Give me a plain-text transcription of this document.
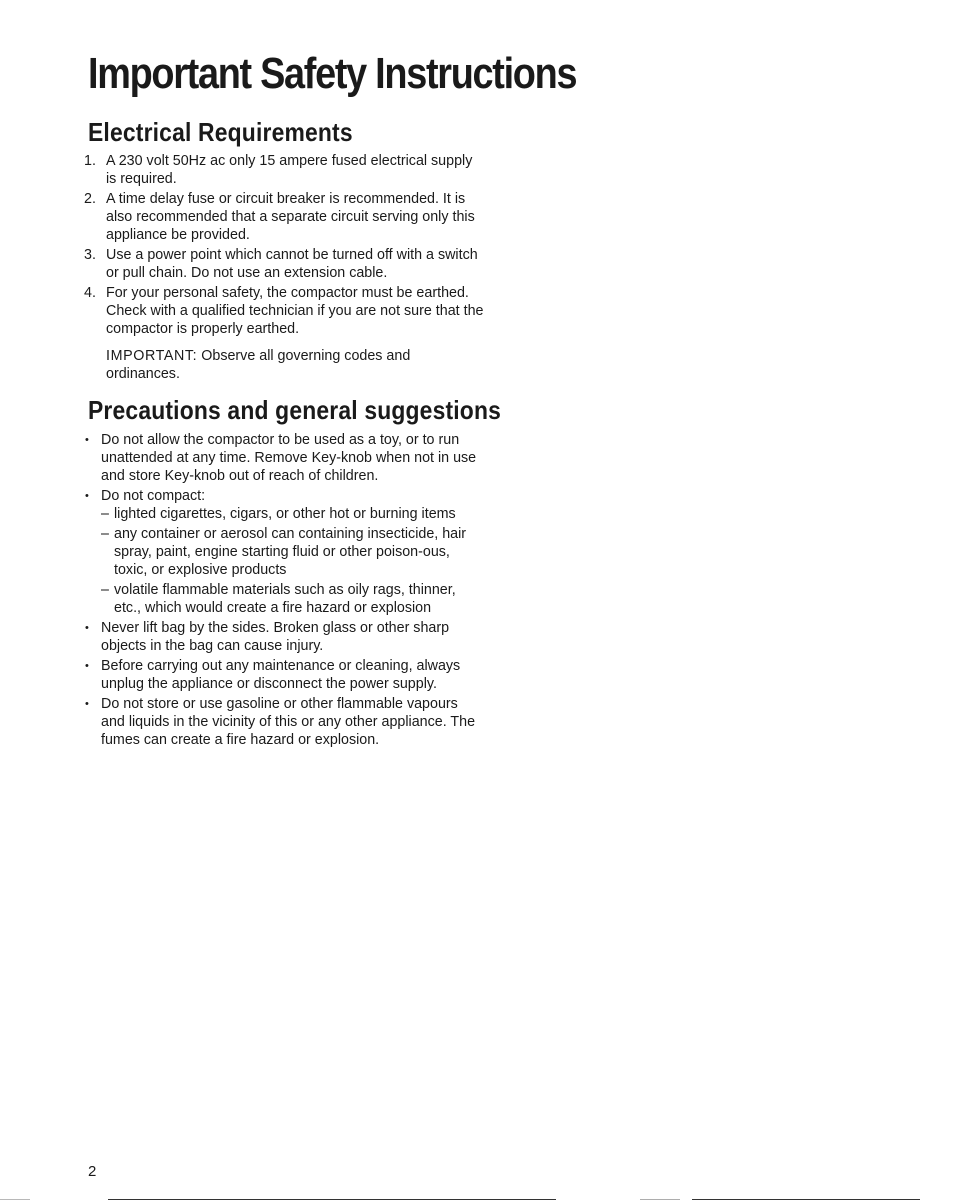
Important Safety Instructions
Electrical Requirements
1. A 230 volt 50Hz ac only 15 ampere fused electrical supply is required.
2. A time delay fuse or circuit breaker is recommended. It is also recommended that a separate circuit serving only this appliance be provided.
3. Use a power point which cannot be turned off with a switch or pull chain. Do not use an extension cable.
4. For your personal safety, the compactor must be earthed. Check with a qualified technician if you are not sure that the compactor is properly earthed.

IMPORTANT: Observe all governing codes and ordinances.

Precautions and general suggestions
• Do not allow the compactor to be used as a toy, or to run unattended at any time. Remove Key-knob when not in use and store Key-knob out of reach of children.
• Do not compact:
– lighted cigarettes, cigars, or other hot or burning items
– any container or aerosol can containing insecticide, hair spray, paint, engine starting fluid or other poison-ous, toxic, or explosive products
– volatile flammable materials such as oily rags, thinner, etc., which would create a fire hazard or explosion
• Never lift bag by the sides. Broken glass or other sharp objects in the bag can cause injury.
• Before carrying out any maintenance or cleaning, always unplug the appliance or disconnect the power supply.
• Do not store or use gasoline or other flammable vapours and liquids in the vicinity of this or any other appliance. The fumes can create a fire hazard or explosion.
2
